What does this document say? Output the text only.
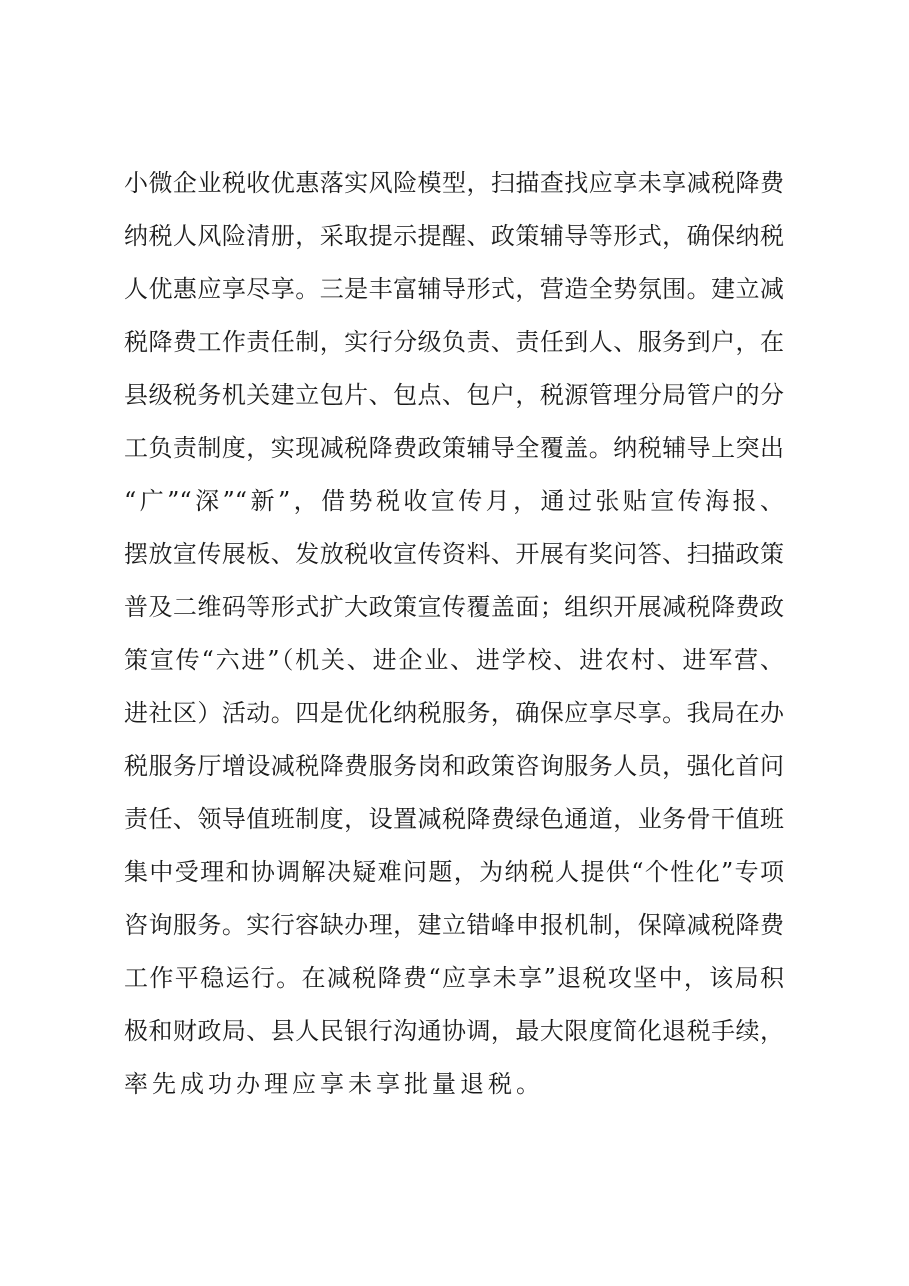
小微企业税收优惠落实风险模型，扫描查找应享未享减税降费
纳税人风险清册，采取提示提醒、政策辅导等形式，确保纳税
人优惠应享尽享。三是丰富辅导形式，营造全势氛围。建立减
税降费工作责任制，实行分级负责、责任到人、服务到户，在
县级税务机关建立包片、包点、包户，税源管理分局管户的分
工负责制度，实现减税降费政策辅导全覆盖。纳税辅导上突出
“广”“深”“新”，借势税收宣传月，通过张贴宣传海报、
摆放宣传展板、发放税收宣传资料、开展有奖问答、扫描政策
普及二维码等形式扩大政策宣传覆盖面；组织开展减税降费政
策宣传“六进”（机关、进企业、进学校、进农村、进军营、
进社区）活动。四是优化纳税服务，确保应享尽享。我局在办
税服务厅增设减税降费服务岗和政策咨询服务人员，强化首问
责任、领导值班制度，设置减税降费绿色通道，业务骨干值班
集中受理和协调解决疑难问题，为纳税人提供“个性化”专项
咨询服务。实行容缺办理，建立错峰申报机制，保障减税降费
工作平稳运行。在减税降费“应享未享”退税攻坚中，该局积
极和财政局、县人民银行沟通协调，最大限度简化退税手续，
率先成功办理应享未享批量退税。
